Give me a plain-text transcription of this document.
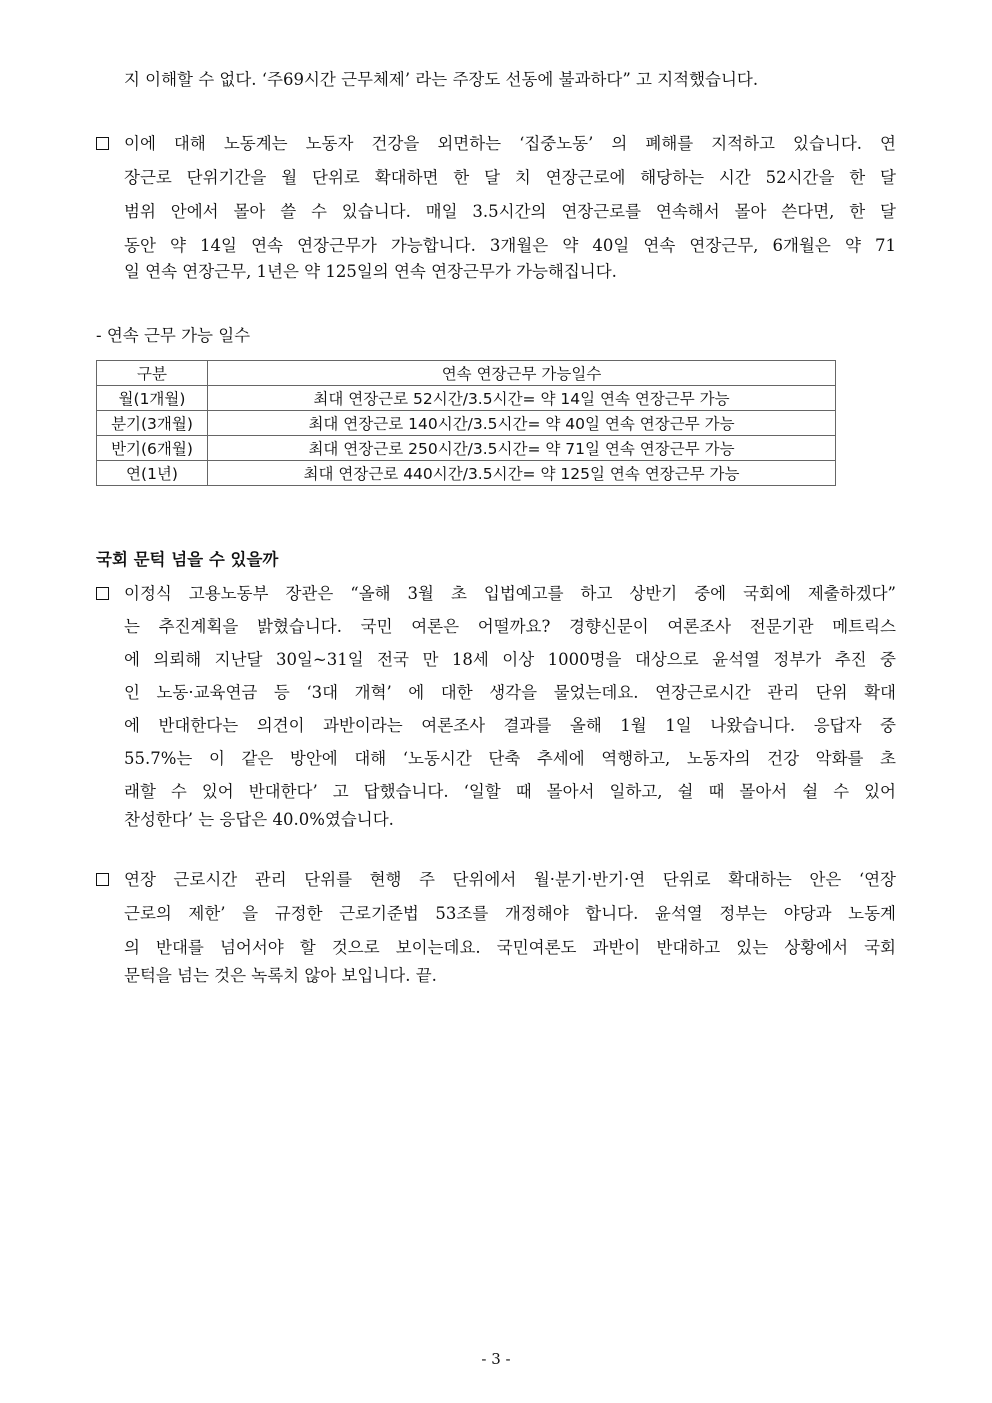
지 이해할 수 없다. ‘주69시간 근무체제’ 라는 주장도 선동에 불과하다” 고 지적했습니다.
이에 대해 노동계는 노동자 건강을 외면하는 ‘집중노동’ 의 폐해를 지적하고 있습니다. 연
장근로 단위기간을 월 단위로 확대하면 한 달 치 연장근로에 해당하는 시간 52시간을 한 달
범위 안에서 몰아 쓸 수 있습니다. 매일 3.5시간의 연장근로를 연속해서 몰아 쓴다면, 한 달
동안 약 14일 연속 연장근무가 가능합니다. 3개월은 약 40일 연속 연장근무, 6개월은 약 71
일 연속 연장근무, 1년은 약 125일의 연속 연장근무가 가능해집니다.
- 연속 근무 가능 일수
구분	연속 연장근무 가능일수
월(1개월)	최대 연장근로 52시간/3.5시간= 약 14일 연속 연장근무 가능
분기(3개월)	최대 연장근로 140시간/3.5시간= 약 40일 연속 연장근무 가능
반기(6개월)	최대 연장근로 250시간/3.5시간= 약 71일 연속 연장근무 가능
연(1년)	최대 연장근로 440시간/3.5시간= 약 125일 연속 연장근무 가능
국회 문턱 넘을 수 있을까
이정식 고용노동부 장관은 “올해 3월 초 입법예고를 하고 상반기 중에 국회에 제출하겠다”
는 추진계획을 밝혔습니다. 국민 여론은 어떨까요? 경향신문이 여론조사 전문기관 메트릭스
에 의뢰해 지난달 30일~31일 전국 만 18세 이상 1000명을 대상으로 윤석열 정부가 추진 중
인 노동·교육연금 등 ‘3대 개혁’ 에 대한 생각을 물었는데요. 연장근로시간 관리 단위 확대
에 반대한다는 의견이 과반이라는 여론조사 결과를 올해 1월 1일 나왔습니다. 응답자 중
55.7%는 이 같은 방안에 대해 ‘노동시간 단축 추세에 역행하고, 노동자의 건강 악화를 초
래할 수 있어 반대한다’ 고 답했습니다. ‘일할 때 몰아서 일하고, 쉴 때 몰아서 쉴 수 있어
찬성한다’ 는 응답은 40.0%였습니다.
연장 근로시간 관리 단위를 현행 주 단위에서 월·분기·반기·연 단위로 확대하는 안은 ‘연장
근로의 제한’ 을 규정한 근로기준법 53조를 개정해야 합니다. 윤석열 정부는 야당과 노동계
의 반대를 넘어서야 할 것으로 보이는데요. 국민여론도 과반이 반대하고 있는 상황에서 국회
문턱을 넘는 것은 녹록치 않아 보입니다. 끝.
- 3 -
